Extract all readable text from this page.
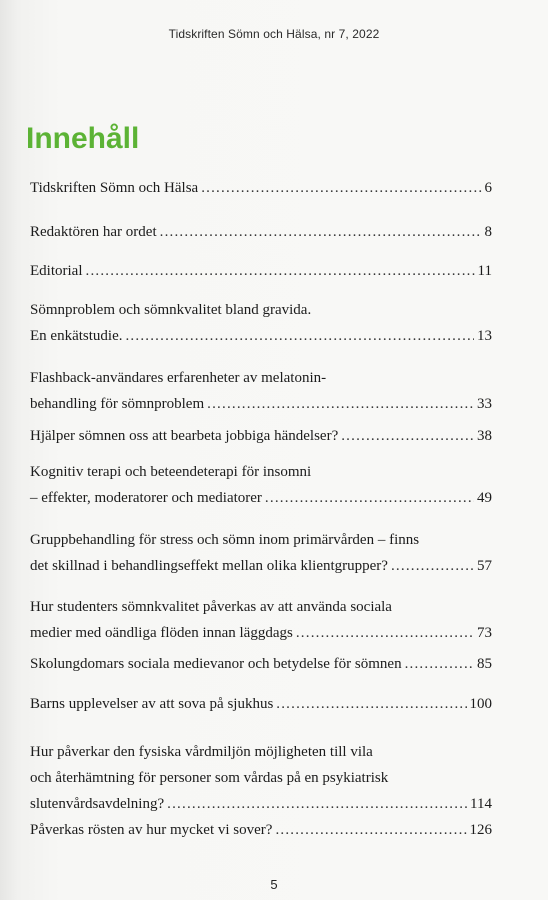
Tidskriften Sömn och Hälsa, nr 7, 2022
Innehåll
Tidskriften Sömn och Hälsa .....	6
Redaktören har ordet .....	8
Editorial .....	11
Sömnproblem och sömnkvalitet bland gravida.
En enkätstudie. .....	13
Flashback-användares erfarenheter av melatonin-
behandling för sömnproblem .....	33
Hjälper sömnen oss att bearbeta jobbiga händelser? .....	38
Kognitiv terapi och beteendeterapi för insomni
– effekter, moderatorer och mediatorer .....	49
Gruppbehandling för stress och sömn inom primärvården – finns
det skillnad i behandlingseffekt mellan olika klientgrupper? .....	57
Hur studenters sömnkvalitet påverkas av att använda sociala
medier med oändliga flöden innan läggdags .....	73
Skolungdomars sociala medievanor och betydelse för sömnen .....	85
Barns upplevelser av att sova på sjukhus .....	100
Hur påverkar den fysiska vårdmiljön möjligheten till vila
och återhämtning för personer som vårdas på en psykiatrisk
slutenvårdsavdelning? .....	114
Påverkas rösten av hur mycket vi sover? .....	126
5
